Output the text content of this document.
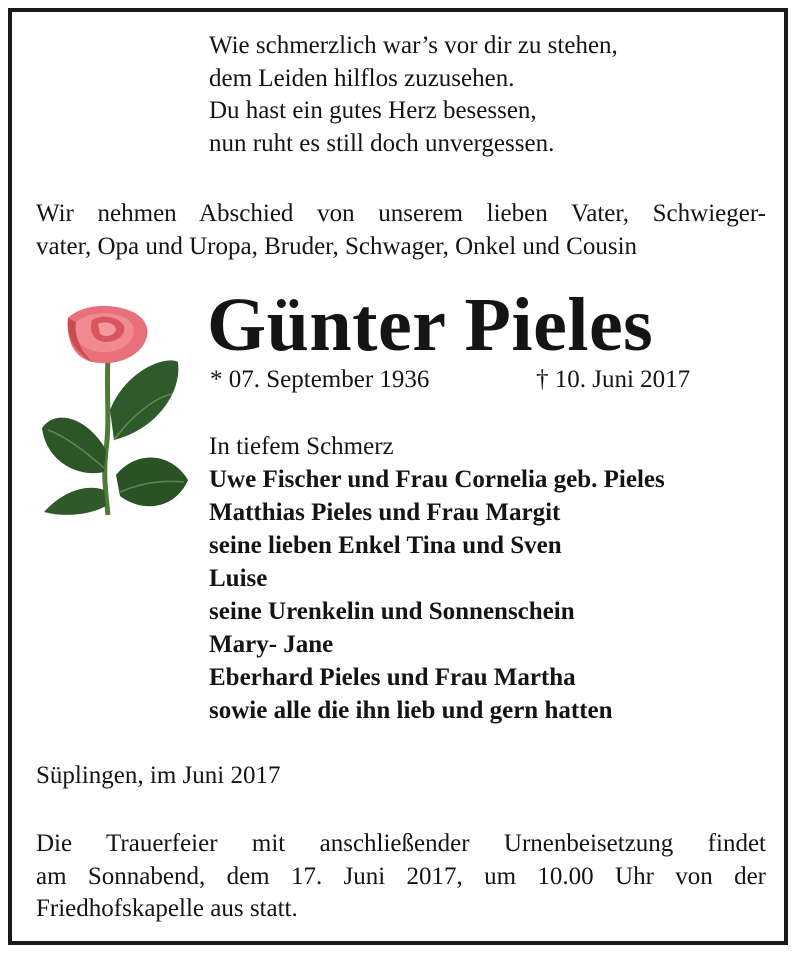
Wie schmerzlich war’s vor dir zu stehen,
dem Leiden hilflos zuzusehen.
Du hast ein gutes Herz besessen,
nun ruht es still doch unvergessen.
Wir nehmen Abschied von unserem lieben Vater, Schwieger-
vater, Opa und Uropa, Bruder, Schwager, Onkel und Cousin
Günter Pieles
* 07. September 1936	† 10. Juni 2017
In tiefem Schmerz
Uwe Fischer und Frau Cornelia geb. Pieles
Matthias Pieles und Frau Margit
seine lieben Enkel Tina und Sven
Luise
seine Urenkelin und Sonnenschein
Mary- Jane
Eberhard Pieles und Frau Martha
sowie alle die ihn lieb und gern hatten
Süplingen, im Juni 2017
Die Trauerfeier mit anschließender Urnenbeisetzung findet
am Sonnabend, dem 17. Juni 2017, um 10.00 Uhr von der
Friedhofskapelle aus statt.
